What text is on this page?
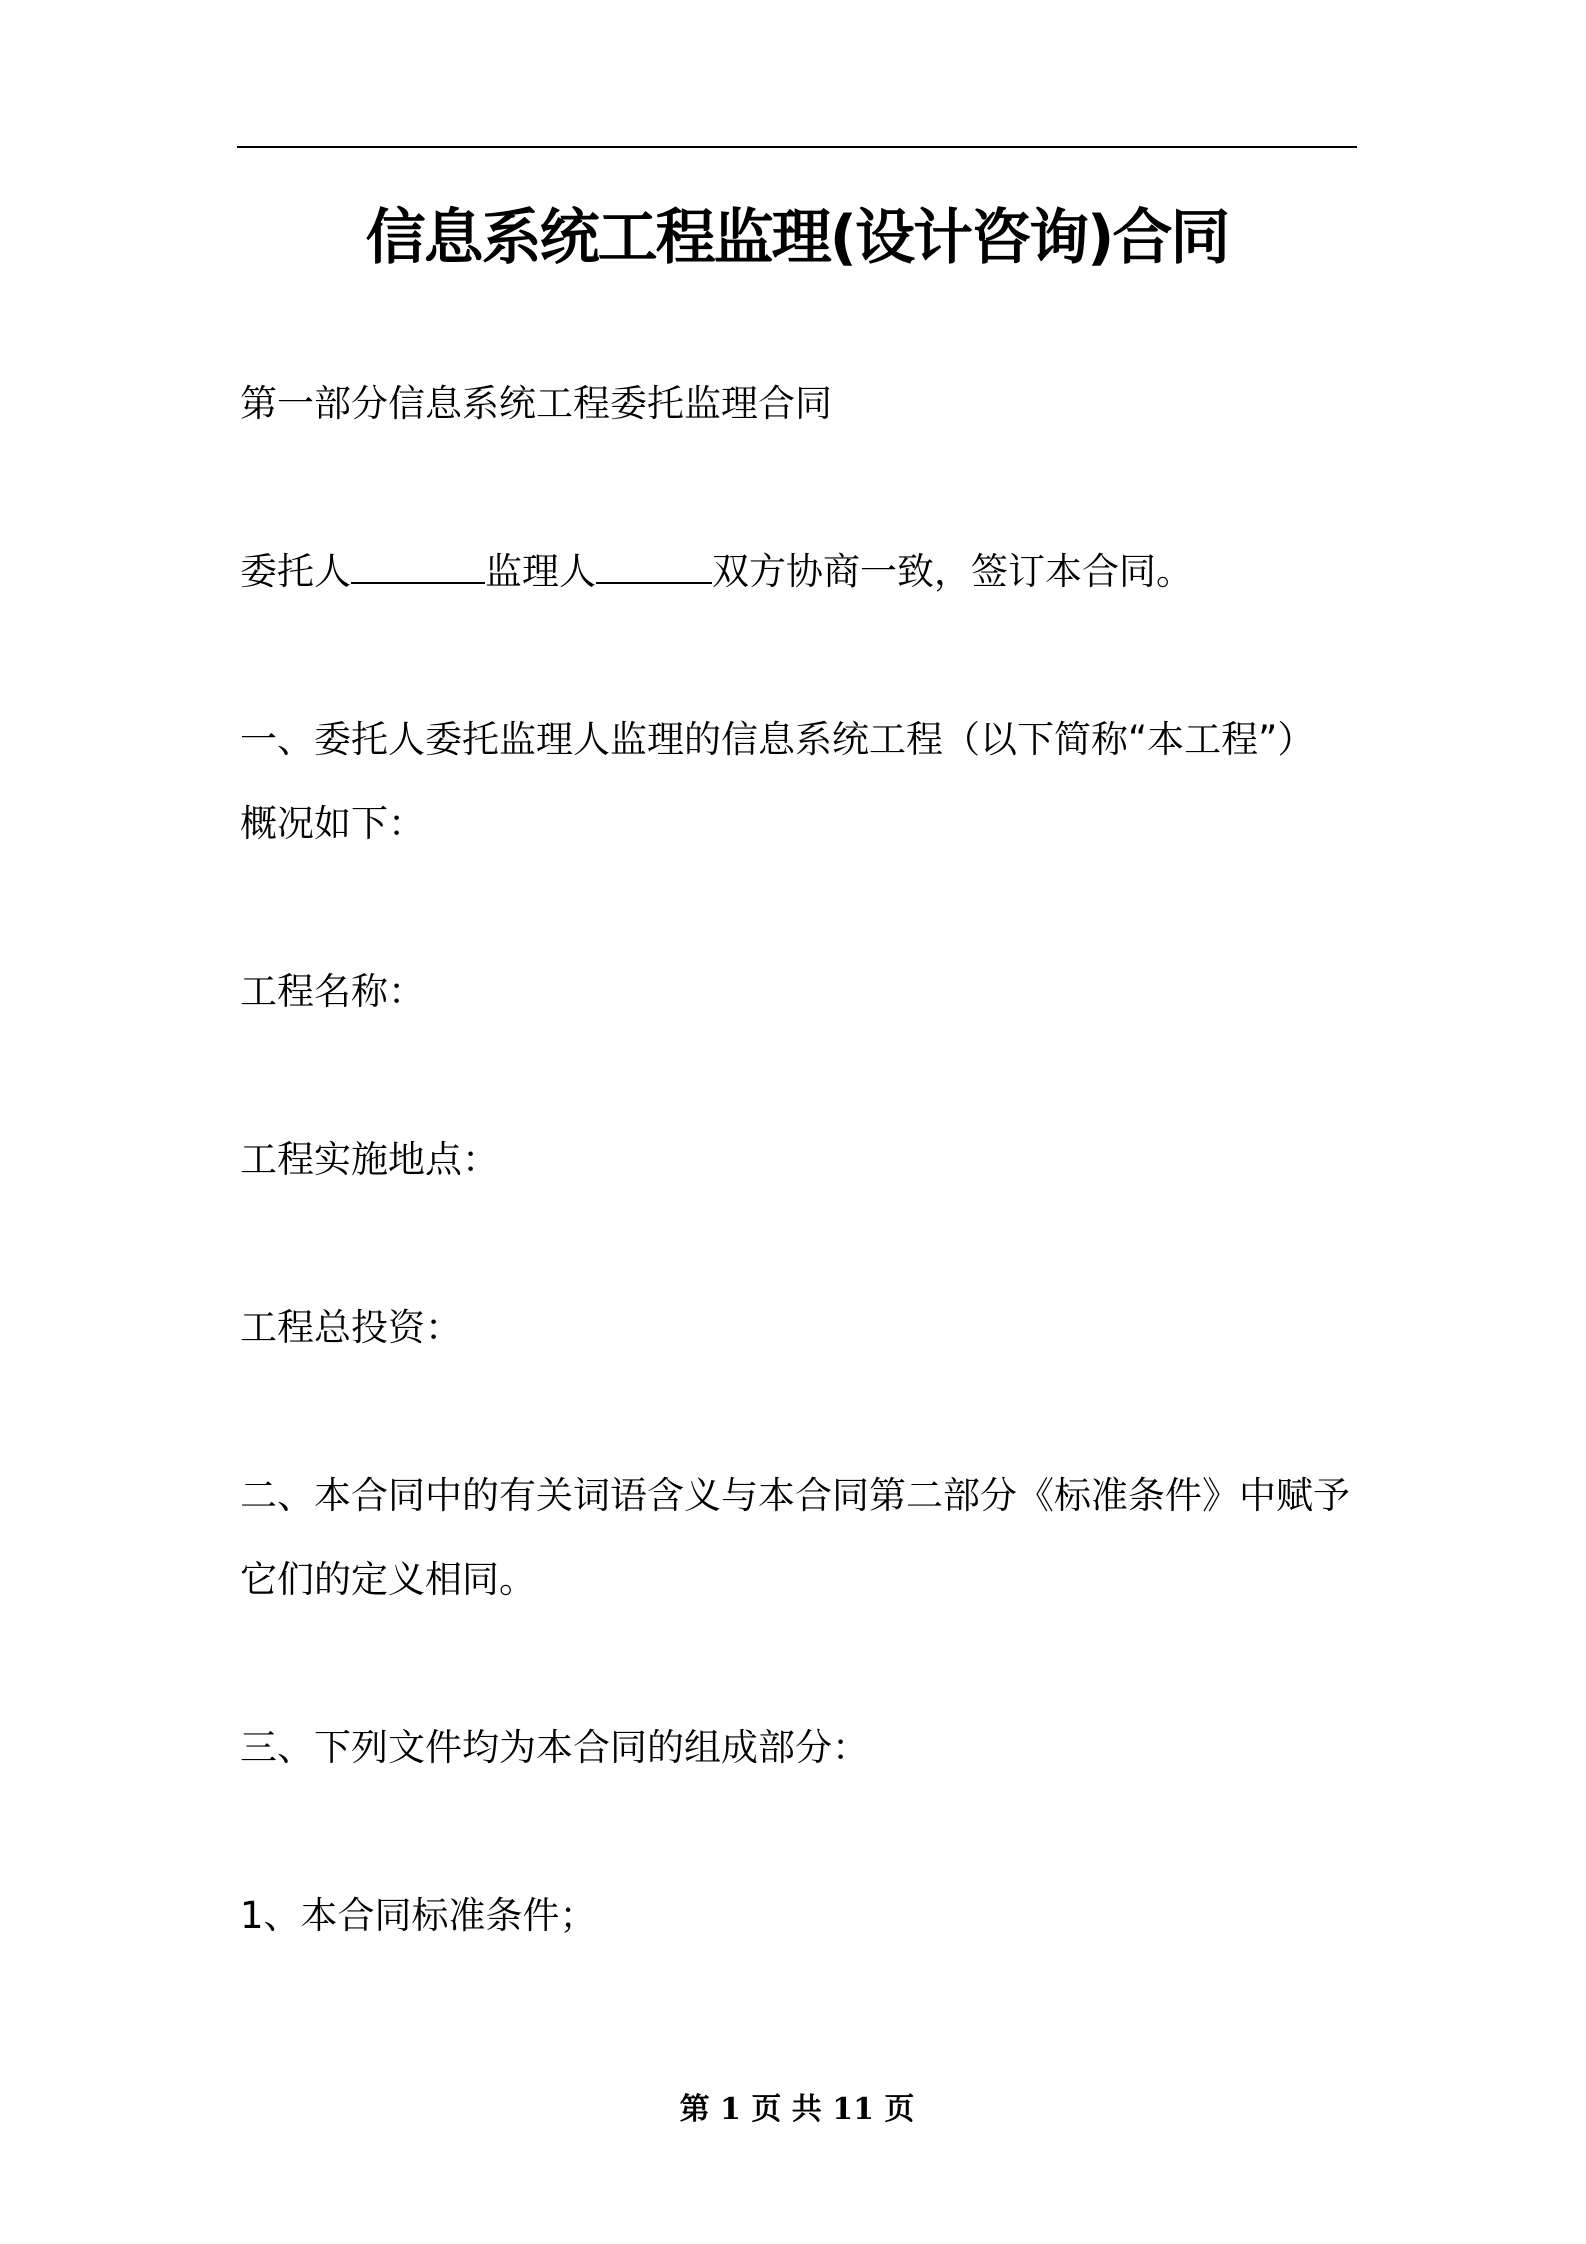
信息系统工程监理(设计咨询)合同
第一部分信息系统工程委托监理合同
委托人	监理人	双方协商一致，签订本合同。
一、委托人委托监理人监理的信息系统工程（以下简称“本工程”）
概况如下：
工程名称：
工程实施地点：
工程总投资：
二、本合同中的有关词语含义与本合同第二部分《标准条件》中赋予
它们的定义相同。
三、下列文件均为本合同的组成部分：
1、本合同标准条件；
第 1 页 共 11 页
